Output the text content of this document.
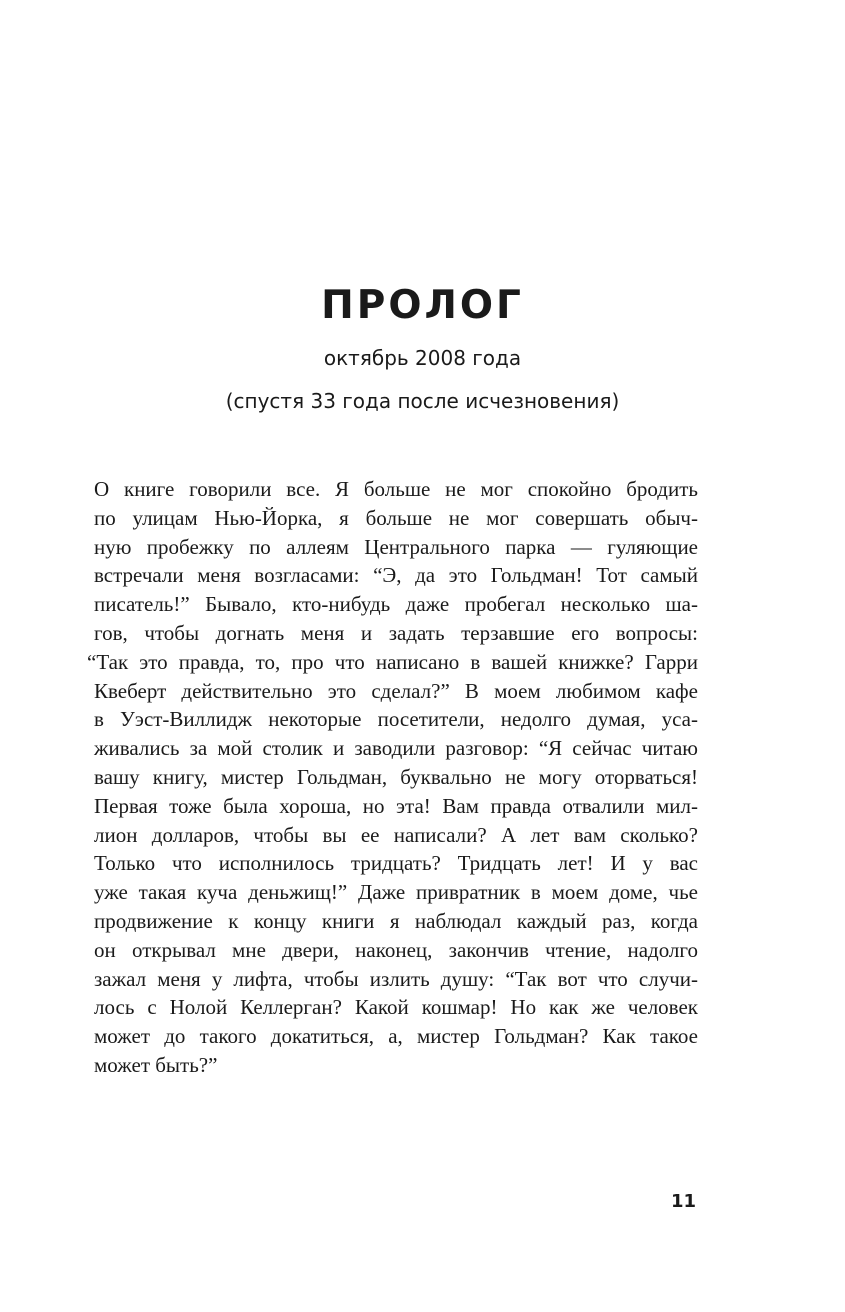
ПРОЛОГ
октябрь 2008 года
(спустя 33 года после исчезновения)
О книге говорили все. Я больше не мог спокойно бродить
по улицам Нью-Йорка, я больше не мог совершать обыч-
ную пробежку по аллеям Центрального парка — гуляющие
встречали меня возгласами: “Э, да это Гольдман! Тот самый
писатель!” Бывало, кто-нибудь даже пробегал несколько ша-
гов, чтобы догнать меня и задать терзавшие его вопросы:
“Так это правда, то, про что написано в вашей книжке? Гарри
Квеберт действительно это сделал?” В моем любимом кафе
в Уэст-Виллидж некоторые посетители, недолго думая, уса-
живались за мой столик и заводили разговор: “Я сейчас читаю
вашу книгу, мистер Гольдман, буквально не могу оторваться!
Первая тоже была хороша, но эта! Вам правда отвалили мил-
лион долларов, чтобы вы ее написали? А лет вам сколько?
Только что исполнилось тридцать? Тридцать лет! И у вас
уже такая куча деньжищ!” Даже привратник в моем доме, чье
продвижение к концу книги я наблюдал каждый раз, когда
он открывал мне двери, наконец, закончив чтение, надолго
зажал меня у лифта, чтобы излить душу: “Так вот что случи-
лось с Нолой Келлерган? Какой кошмар! Но как же человек
может до такого докатиться, а, мистер Гольдман? Как такое
может быть?”
11
